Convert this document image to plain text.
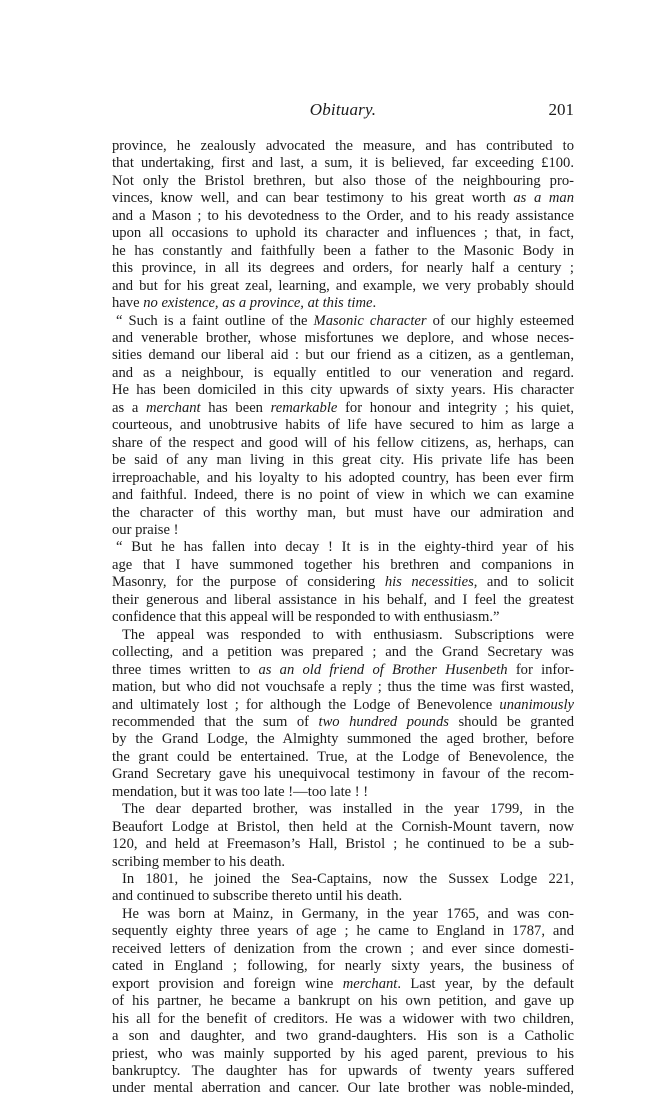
Obituary.	201
province, he zealously advocated the measure, and has contributed to
that undertaking, first and last, a sum, it is believed, far exceeding £100.
Not only the Bristol brethren, but also those of the neighbouring pro-
vinces, know well, and can bear testimony to his great worth as a man
and a Mason ; to his devotedness to the Order, and to his ready assistance
upon all occasions to uphold its character and influences ; that, in fact,
he has constantly and faithfully been a father to the Masonic Body in
this province, in all its degrees and orders, for nearly half a century ;
and but for his great zeal, learning, and example, we very probably should
have no existence, as a province, at this time.
“ Such is a faint outline of the Masonic character of our highly esteemed
and venerable brother, whose misfortunes we deplore, and whose neces-
sities demand our liberal aid : but our friend as a citizen, as a gentleman,
and as a neighbour, is equally entitled to our veneration and regard.
He has been domiciled in this city upwards of sixty years. His character
as a merchant has been remarkable for honour and integrity ; his quiet,
courteous, and unobtrusive habits of life have secured to him as large a
share of the respect and good will of his fellow citizens, as, herhaps, can
be said of any man living in this great city. His private life has been
irreproachable, and his loyalty to his adopted country, has been ever firm
and faithful. Indeed, there is no point of view in which we can examine
the character of this worthy man, but must have our admiration and
our praise !
“ But he has fallen into decay ! It is in the eighty-third year of his
age that I have summoned together his brethren and companions in
Masonry, for the purpose of considering his necessities, and to solicit
their generous and liberal assistance in his behalf, and I feel the greatest
confidence that this appeal will be responded to with enthusiasm.”
The appeal was responded to with enthusiasm. Subscriptions were
collecting, and a petition was prepared ; and the Grand Secretary was
three times written to as an old friend of Brother Husenbeth for infor-
mation, but who did not vouchsafe a reply ; thus the time was first wasted,
and ultimately lost ; for although the Lodge of Benevolence unanimously
recommended that the sum of two hundred pounds should be granted
by the Grand Lodge, the Almighty summoned the aged brother, before
the grant could be entertained. True, at the Lodge of Benevolence, the
Grand Secretary gave his unequivocal testimony in favour of the recom-
mendation, but it was too late !—too late ! !
The dear departed brother, was installed in the year 1799, in the
Beaufort Lodge at Bristol, then held at the Cornish-Mount tavern, now
120, and held at Freemason’s Hall, Bristol ; he continued to be a sub-
scribing member to his death.
In 1801, he joined the Sea-Captains, now the Sussex Lodge 221,
and continued to subscribe thereto until his death.
He was born at Mainz, in Germany, in the year 1765, and was con-
sequently eighty three years of age ; he came to England in 1787, and
received letters of denization from the crown ; and ever since domesti-
cated in England ; following, for nearly sixty years, the business of
export provision and foreign wine merchant. Last year, by the default
of his partner, he became a bankrupt on his own petition, and gave up
his all for the benefit of creditors. He was a widower with two children,
a son and daughter, and two grand-daughters. His son is a Catholic
priest, who was mainly supported by his aged parent, previous to his
bankruptcy. The daughter has for upwards of twenty years suffered
under mental aberration and cancer. Our late brother was noble-minded,
